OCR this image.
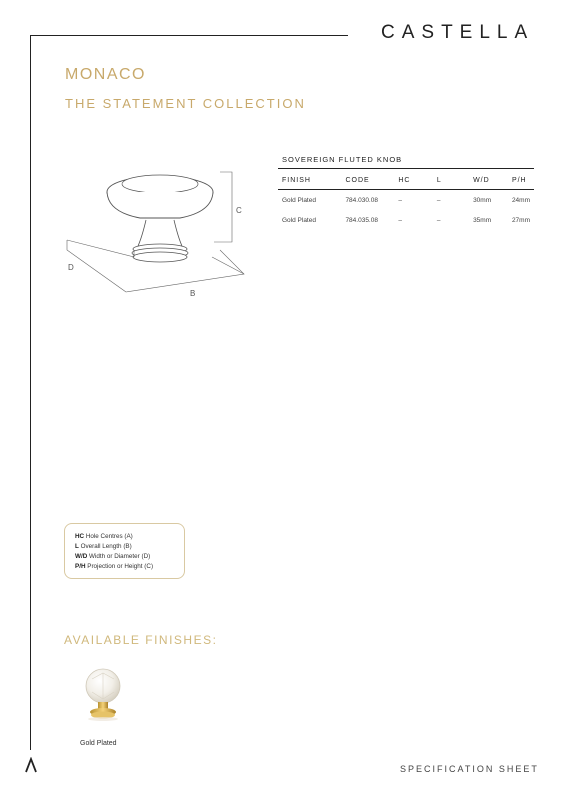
CASTELLA
MONACO
THE STATEMENT COLLECTION
C
D
B
SOVEREIGN FLUTED KNOB
FINISH	CODE	HC	L	W/D	P/H
Gold Plated	784.030.08	–	–	30mm	24mm
Gold Plated	784.035.08	–	–	35mm	27mm
HC Hole Centres (A)
L Overall Length (B)
W/D Width or Diameter (D)
P/H Projection or Height (C)
AVAILABLE FINISHES:
Gold Plated
SPECIFICATION SHEET
